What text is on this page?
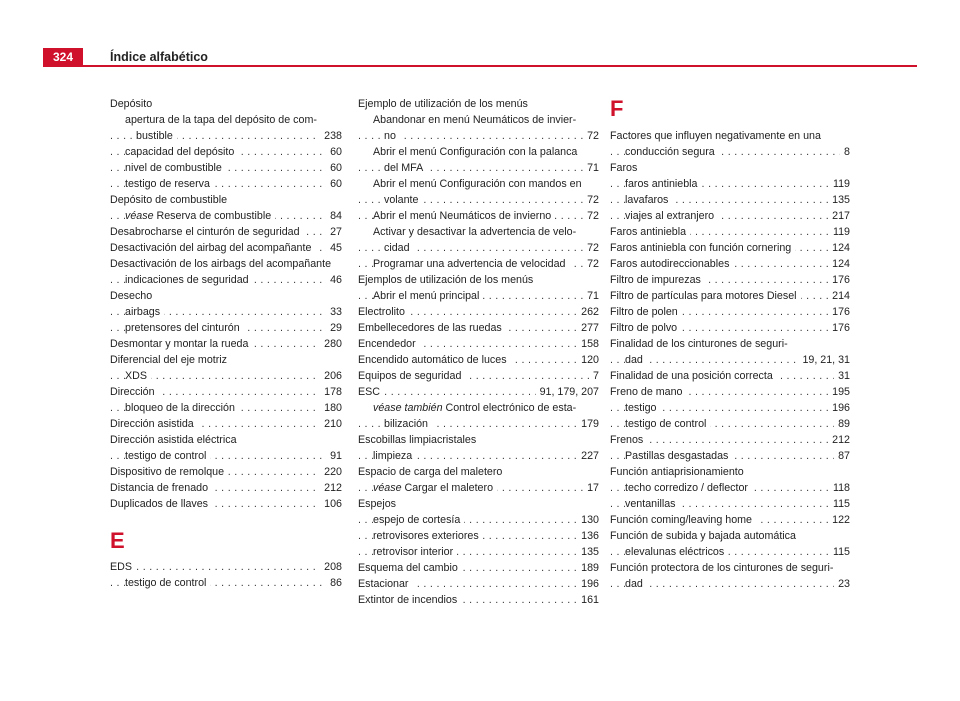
324	Índice alfabético
Depósito
apertura de la tapa del depósito de com-
. . . bustible	238
. . . capacidad del depósito	60
. . . nivel de combustible	60
. . . testigo de reserva	60
Depósito de combustible
. . . véase Reserva de combustible	84
. . . Desabrocharse el cinturón de seguridad	27
. . . Desactivación del airbag del acompañante	45
Desactivación de los airbags del acompañante
. . . indicaciones de seguridad	46
Desecho
. . . airbags	33
. . . pretensores del cinturón	29
. . . Desmontar y montar la rueda	280
Diferencial del eje motriz
. . . XDS	206
. . . Dirección	178
. . . bloqueo de la dirección	180
. . . Dirección asistida	210
Dirección asistida eléctrica
. . . testigo de control	91
. . . Dispositivo de remolque	220
. . . Distancia de frenado	212
. . . Duplicados de llaves	106
E
. . . EDS	208
. . . testigo de control	86
Ejemplo de utilización de los menús
Abandonar en menú Neumáticos de invier-
. . . no	72
Abrir el menú Configuración con la palanca
. . . del MFA	71
Abrir el menú Configuración con mandos en
. . . volante	72
. . . Abrir el menú Neumáticos de invierno	72
Activar y desactivar la advertencia de velo-
. . . cidad	72
. . . Programar una advertencia de velocidad	72
Ejemplos de utilización de los menús
. . . Abrir el menú principal	71
. . . Electrolito	262
. . . Embellecedores de las ruedas	277
. . . Encendedor	158
. . . Encendido automático de luces	120
. . . Equipos de seguridad	7
. . . ESC	91, 179, 207
véase también Control electrónico de esta-
. . . bilización	179
Escobillas limpiacristales
. . . limpieza	227
Espacio de carga del maletero
. . . véase Cargar el maletero	17
Espejos
. . . espejo de cortesía	130
. . . retrovisores exteriores	136
. . . retrovisor interior	135
. . . Esquema del cambio	189
. . . Estacionar	196
. . . Extintor de incendios	161
F
Factores que influyen negativamente en una
. . . conducción segura	8
Faros
. . . faros antiniebla	119
. . . lavafaros	135
. . . viajes al extranjero	217
. . . Faros antiniebla	119
. . . Faros antiniebla con función cornering	124
. . . Faros autodireccionables	124
. . . Filtro de impurezas	176
. . . Filtro de partículas para motores Diesel	214
. . . Filtro de polen	176
. . . Filtro de polvo	176
Finalidad de los cinturones de seguri-
. . . dad	19, 21, 31
. . . Finalidad de una posición correcta	31
. . . Freno de mano	195
. . . testigo	196
. . . testigo de control	89
. . . Frenos	212
. . . Pastillas desgastadas	87
Función antiaprisionamiento
. . . techo corredizo / deflector	118
. . . ventanillas	115
. . . Función coming/leaving home	122
Función de subida y bajada automática
. . . elevalunas eléctricos	115
Función protectora de los cinturones de seguri-
. . . dad	23
